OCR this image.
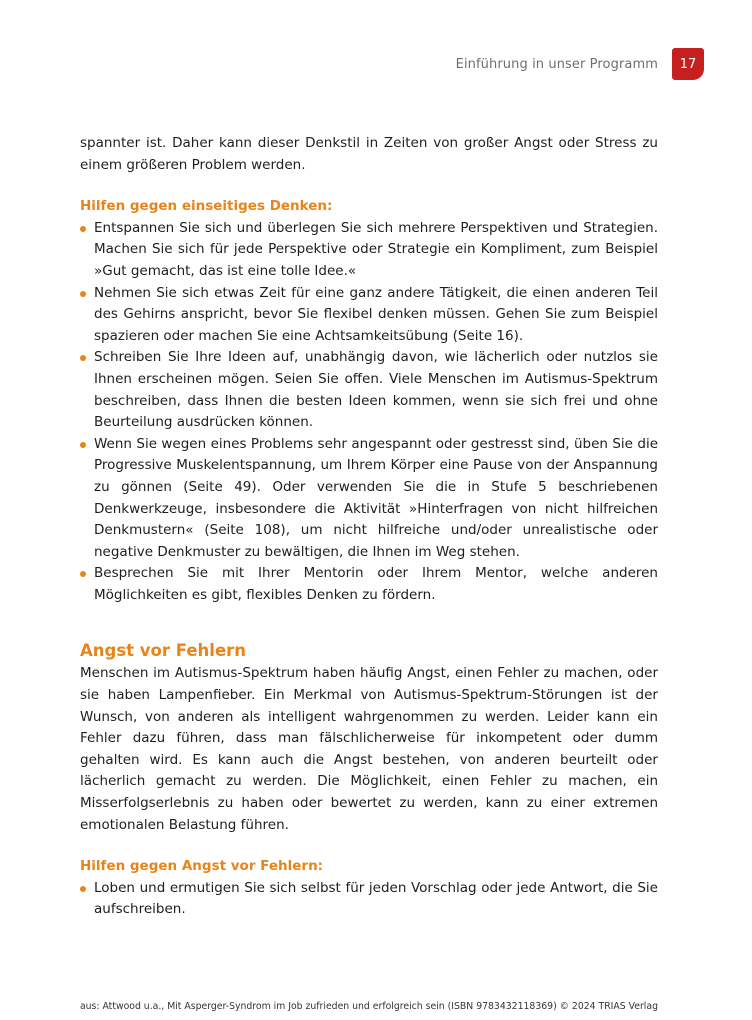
Einführung in unser Programm	17

spannter ist. Daher kann dieser Denkstil in Zeiten von großer Angst oder Stress zu einem größeren Problem werden.

Hilfen gegen einseitiges Denken:

Entspannen Sie sich und überlegen Sie sich mehrere Perspektiven und Strategien. Machen Sie sich für jede Perspektive oder Strategie ein Kompliment, zum Beispiel »Gut gemacht, das ist eine tolle Idee.«
Nehmen Sie sich etwas Zeit für eine ganz andere Tätigkeit, die einen anderen Teil des Gehirns anspricht, bevor Sie flexibel denken müssen. Gehen Sie zum Beispiel spazieren oder machen Sie eine Achtsamkeitsübung (Seite 16).
Schreiben Sie Ihre Ideen auf, unabhängig davon, wie lächerlich oder nutzlos sie Ihnen erscheinen mögen. Seien Sie offen. Viele Menschen im Autismus-Spektrum beschreiben, dass Ihnen die besten Ideen kommen, wenn sie sich frei und ohne Beurteilung ausdrücken können.
Wenn Sie wegen eines Problems sehr angespannt oder gestresst sind, üben Sie die Progressive Muskelentspannung, um Ihrem Körper eine Pause von der Anspannung zu gönnen (Seite 49). Oder verwenden Sie die in Stufe 5 beschriebenen Denkwerkzeuge, insbesondere die Aktivität »Hinterfragen von nicht hilfreichen Denkmustern« (Seite 108), um nicht hilfreiche und/oder unrealistische oder negative Denkmuster zu bewältigen, die Ihnen im Weg stehen.
Besprechen Sie mit Ihrer Mentorin oder Ihrem Mentor, welche anderen Möglichkeiten es gibt, flexibles Denken zu fördern.
Angst vor Fehlern

Menschen im Autismus-Spektrum haben häufig Angst, einen Fehler zu machen, oder sie haben Lampenfieber. Ein Merkmal von Autismus-Spektrum-Störungen ist der Wunsch, von anderen als intelligent wahrgenommen zu werden. Leider kann ein Fehler dazu führen, dass man fälschlicherweise für inkompetent oder dumm gehalten wird. Es kann auch die Angst bestehen, von anderen beurteilt oder lächerlich gemacht zu werden. Die Möglichkeit, einen Fehler zu machen, ein Misserfolgserlebnis zu haben oder bewertet zu werden, kann zu einer extremen emotionalen Belastung führen.

Hilfen gegen Angst vor Fehlern:

Loben und ermutigen Sie sich selbst für jeden Vorschlag oder jede Antwort, die Sie aufschreiben.
aus: Attwood u.a., Mit Asperger-Syndrom im Job zufrieden und erfolgreich sein (ISBN 9783432118369) © 2024 TRIAS Verlag
